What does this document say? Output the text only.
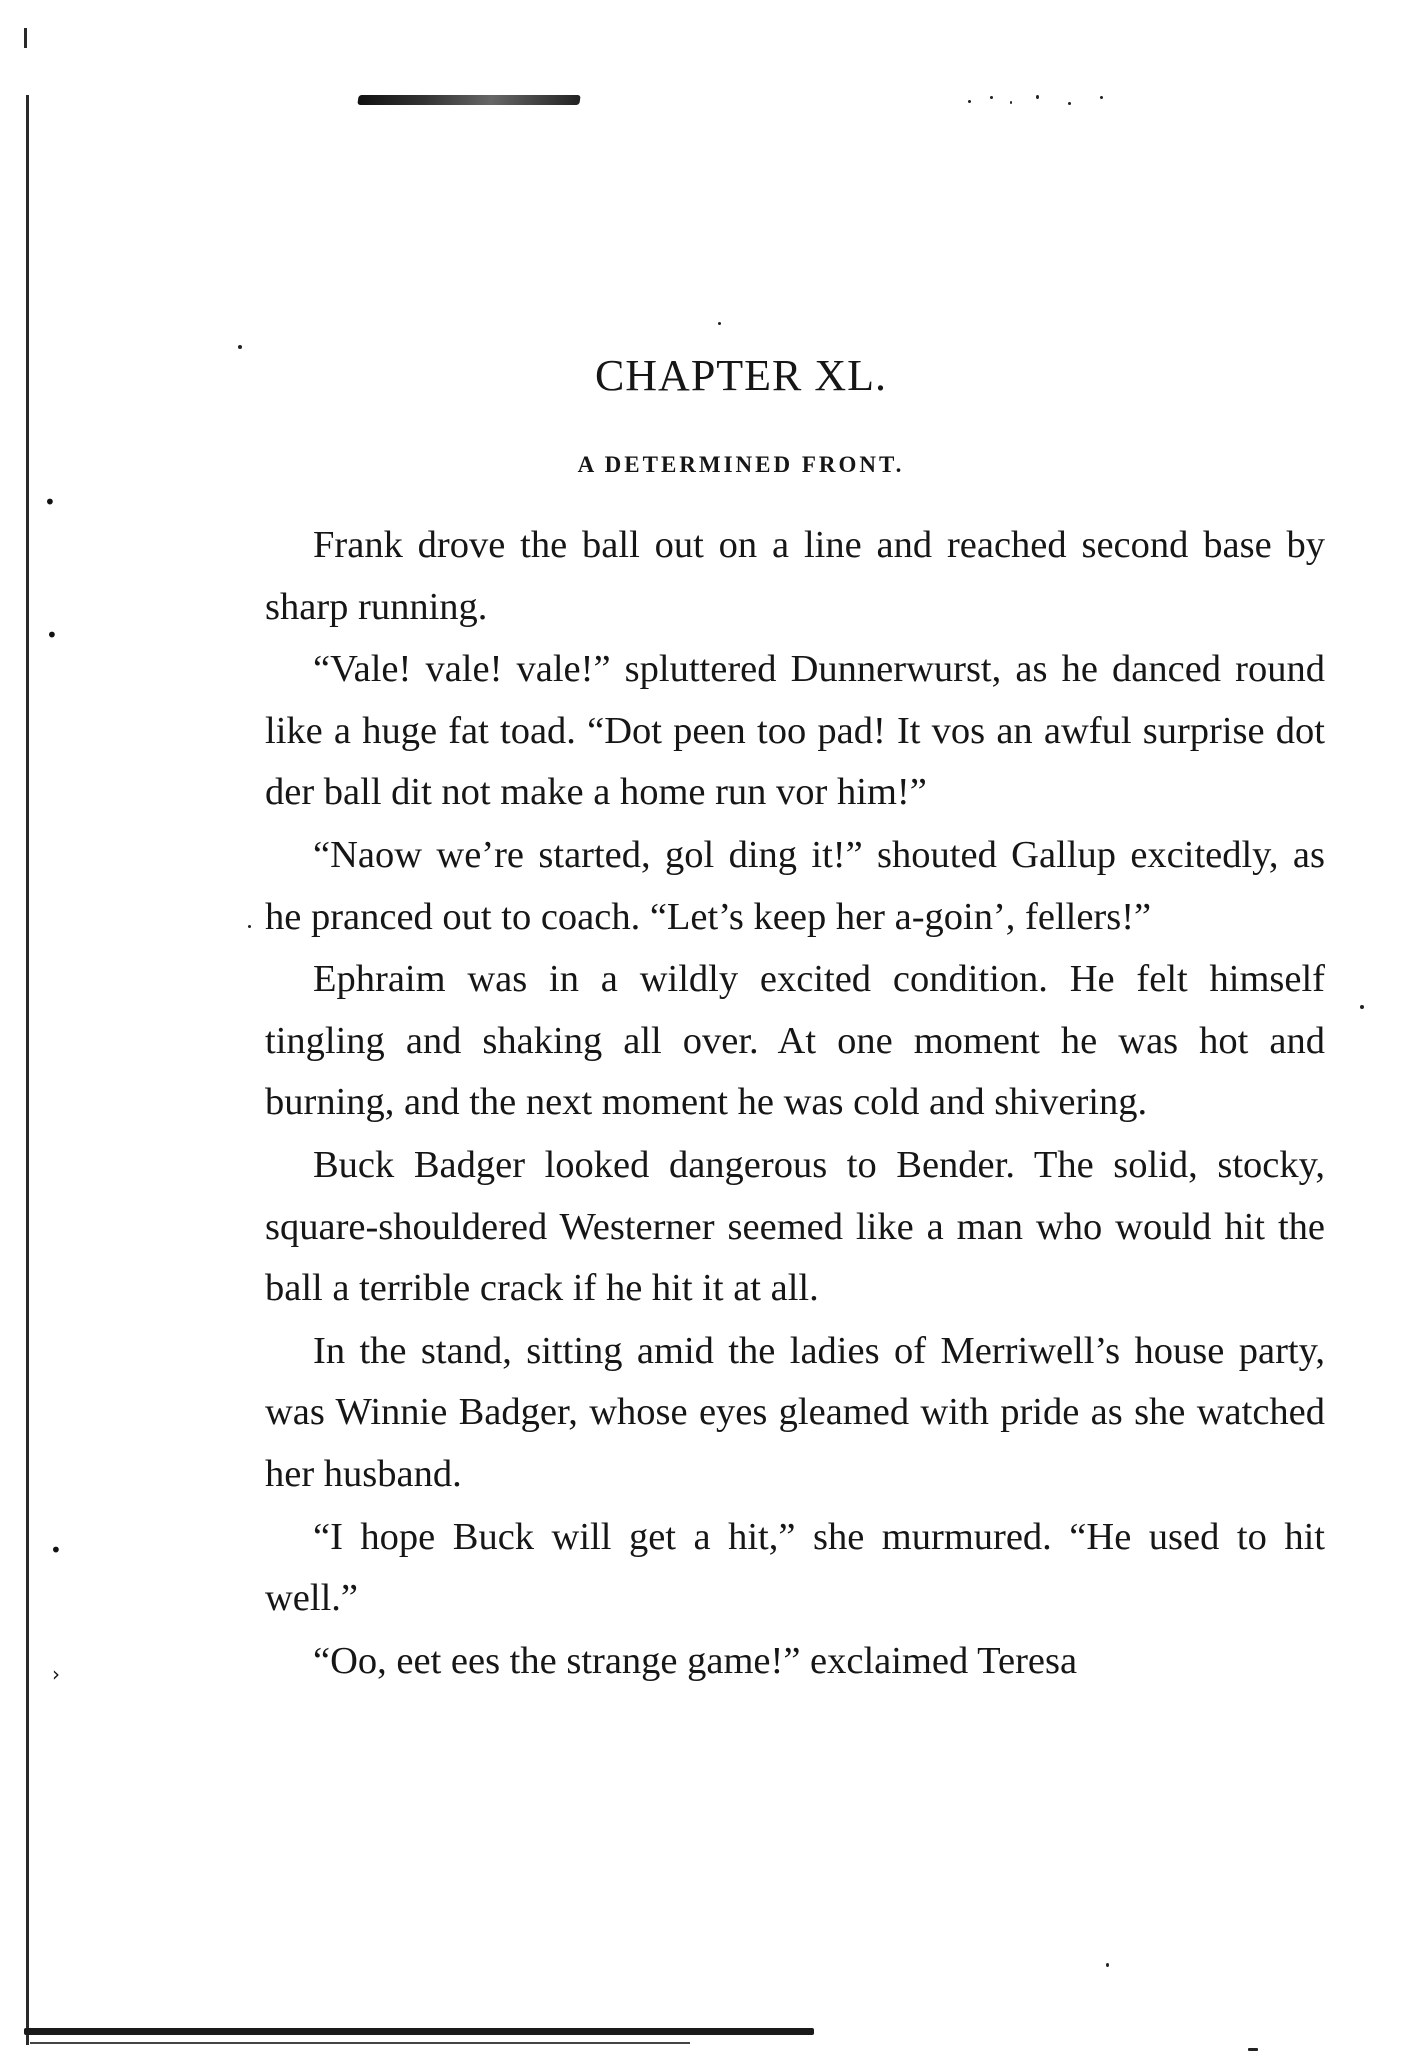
•
•
•
›
CHAPTER XL.
A DETERMINED FRONT.

Frank drove the ball out on a line and reached second base by sharp running.

“Vale! vale! vale!” spluttered Dunnerwurst, as he danced round like a huge fat toad. “Dot peen too pad! It vos an awful surprise dot der ball dit not make a home run vor him!”

“Naow we’re started, gol ding it!” shouted Gallup excitedly, as he pranced out to coach. “Let’s keep her a-goin’, fellers!”

Ephraim was in a wildly excited condition. He felt himself tingling and shaking all over. At one moment he was hot and burning, and the next moment he was cold and shivering.

Buck Badger looked dangerous to Bender. The solid, stocky, square-shouldered Westerner seemed like a man who would hit the ball a terrible crack if he hit it at all.

In the stand, sitting amid the ladies of Merriwell’s house party, was Winnie Badger, whose eyes gleamed with pride as she watched her husband.

“I hope Buck will get a hit,” she murmured. “He used to hit well.”

“Oo, eet ees the strange game!” exclaimed Teresa
